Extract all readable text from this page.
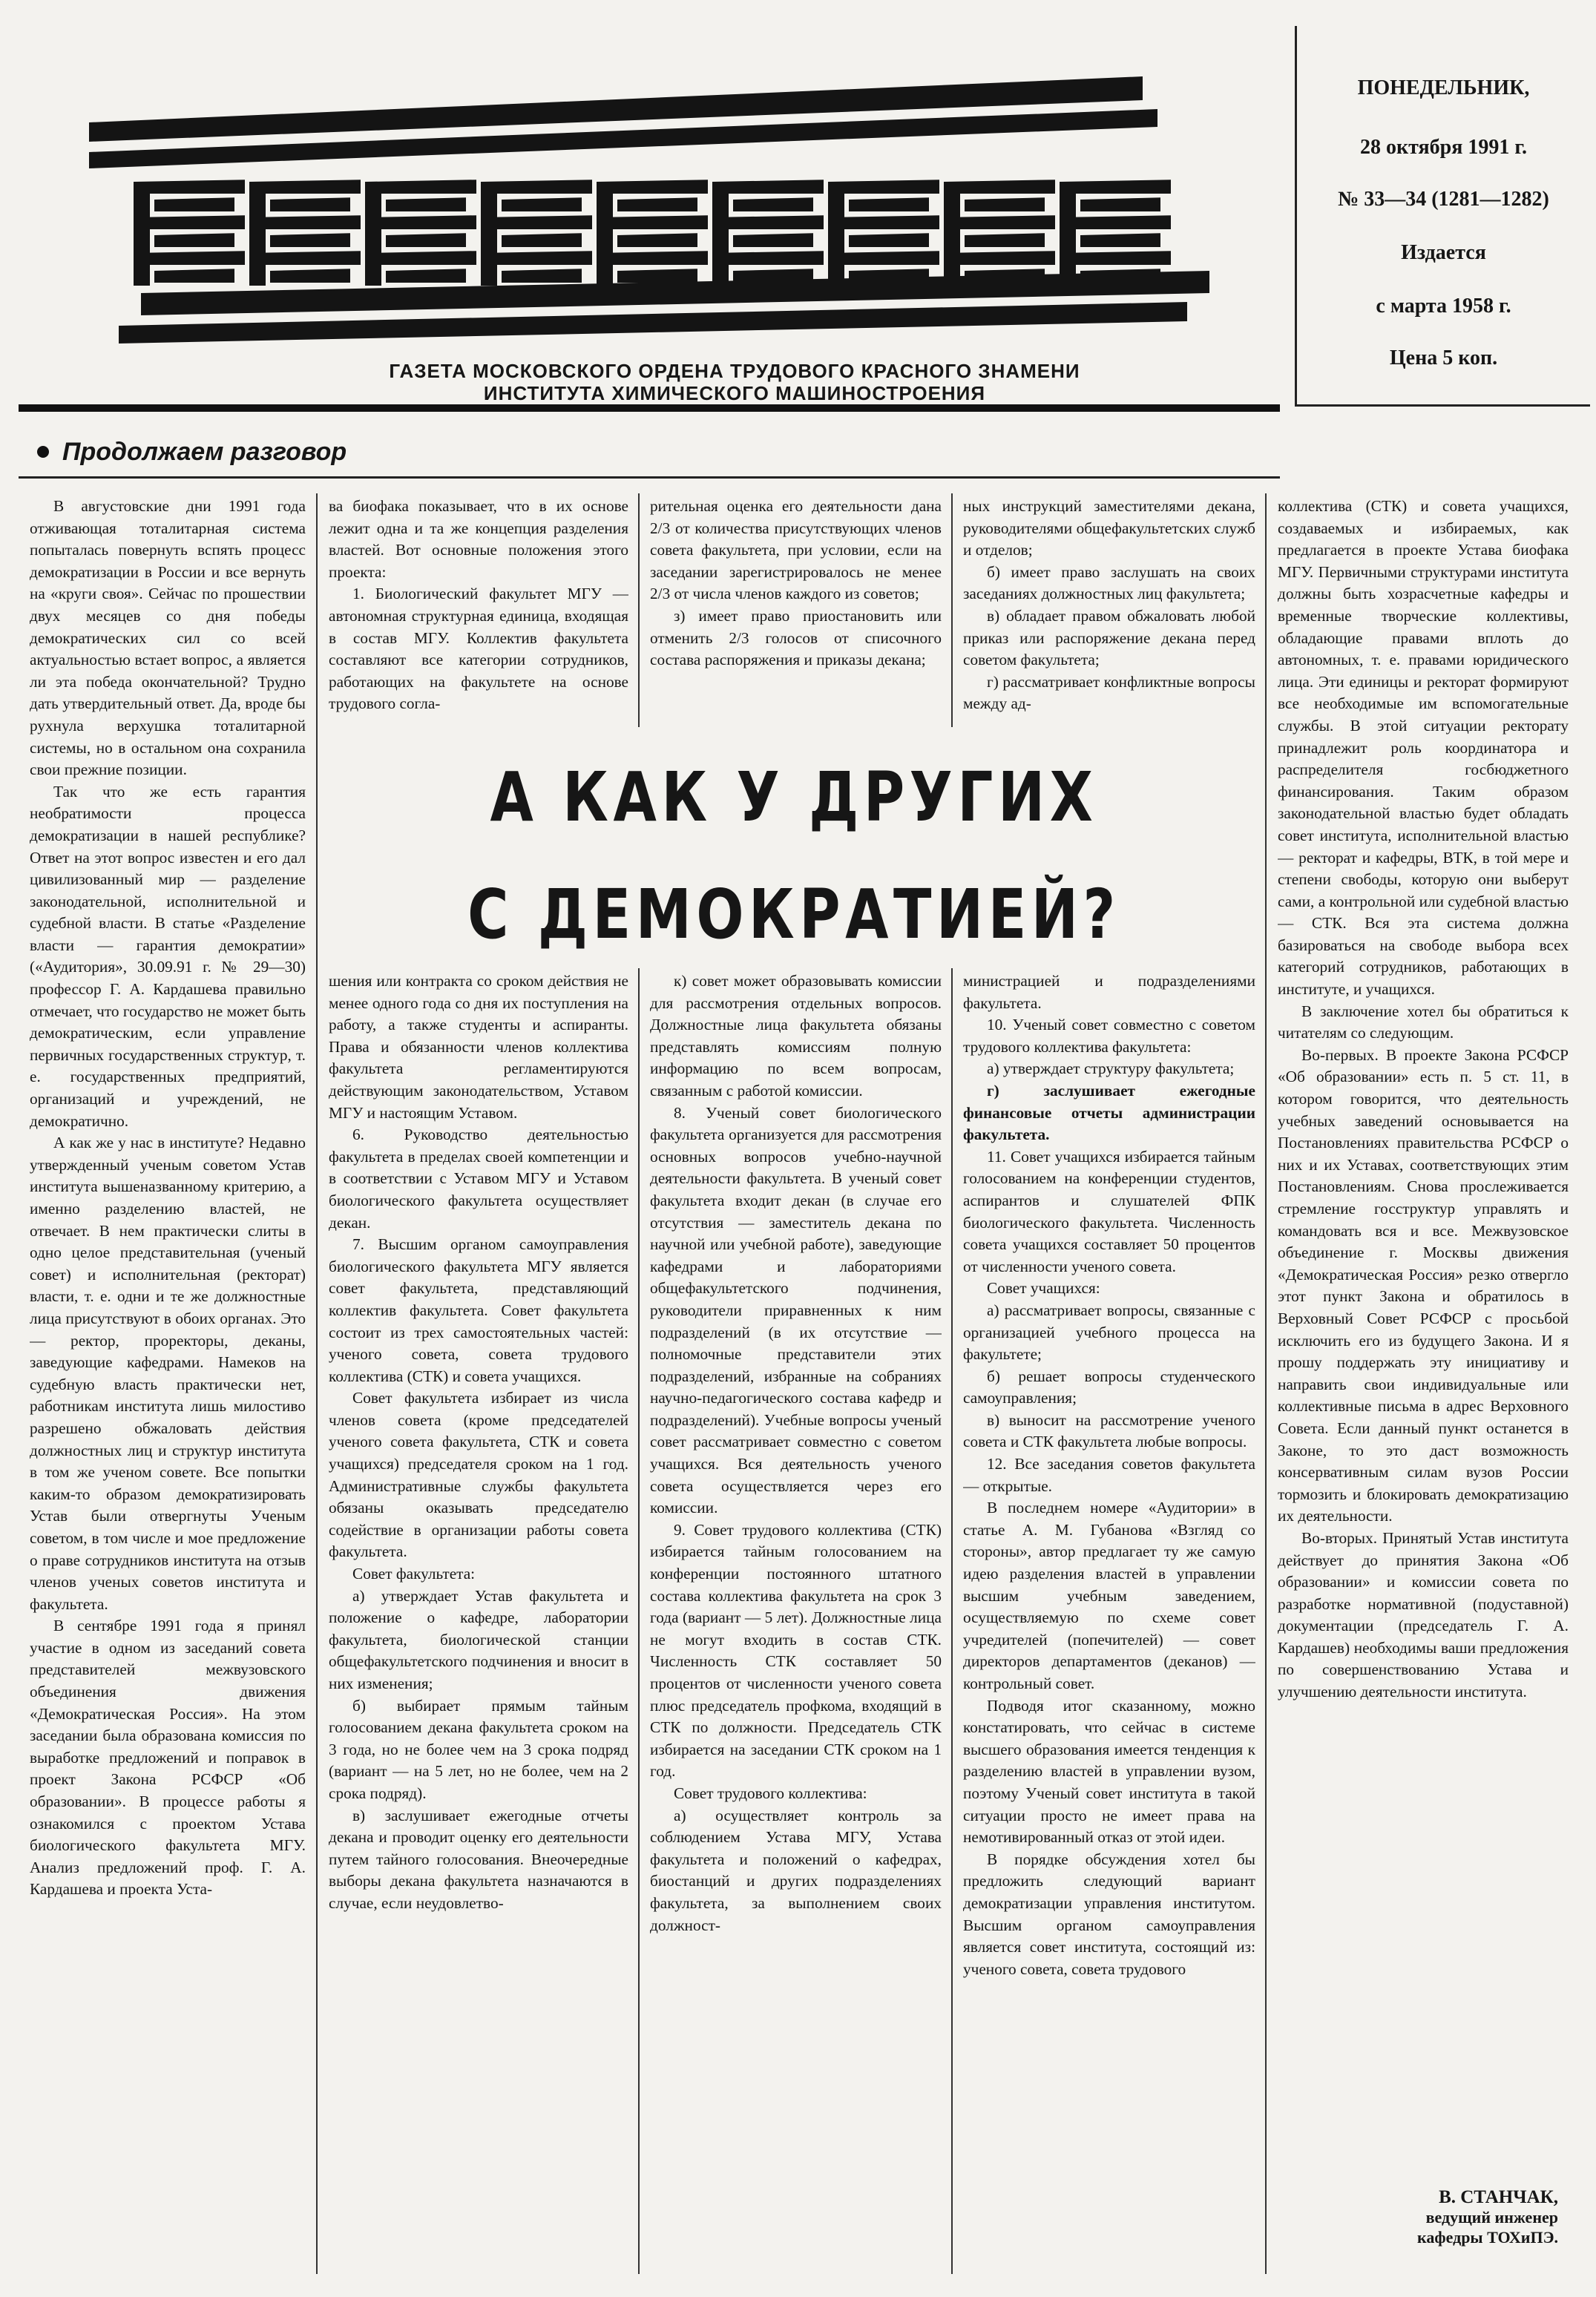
ГАЗЕТА МОСКОВСКОГО ОРДЕНА ТРУДОВОГО КРАСНОГО ЗНАМЕНИ
ИНСТИТУТА ХИМИЧЕСКОГО МАШИНОСТРОЕНИЯ
ПОНЕДЕЛЬНИК,
28 октября 1991 г.
№ 33—34 (1281—1282)
Издается
с марта 1958 г.
Цена 5 коп.
Продолжаем разговор

В августовские дни 1991 года отживающая тоталитарная система попыталась повернуть вспять процесс демократизации в России и все вернуть на «круги своя». Сейчас по прошествии двух месяцев со дня победы демократических сил со всей актуальностью встает вопрос, а является ли эта победа окончательной? Трудно дать утвердительный ответ. Да, вроде бы рухнула верхушка тоталитарной системы, но в остальном она сохранила свои прежние позиции.

Так что же есть гарантия необратимости процесса демократизации в нашей республике? Ответ на этот вопрос известен и его дал цивилизованный мир — разделение законодательной, исполнительной и судебной власти. В статье «Разделение власти — гарантия демократии» («Аудитория», 30.09.91 г. № 29—30) профессор Г. А. Кардашева правильно отмечает, что государство не может быть демократическим, если управление первичных государственных структур, т. е. государственных предприятий, организаций и учреждений, не демократично.

А как же у нас в институте? Недавно утвержденный ученым советом Устав института вышеназванному критерию, а именно разделению властей, не отвечает. В нем практически слиты в одно целое представительная (ученый совет) и исполнительная (ректорат) власти, т. е. одни и те же должностные лица присутствуют в обоих органах. Это — ректор, проректоры, деканы, заведующие кафедрами. Намеков на судебную власть практически нет, работникам института лишь милостиво разрешено обжаловать действия должностных лиц и структур института в том же ученом совете. Все попытки каким-то образом демократизировать Устав были отвергнуты Ученым советом, в том числе и мое предложение о праве сотрудников института на отзыв членов ученых советов института и факультета.

В сентябре 1991 года я принял участие в одном из заседаний совета представителей межвузовского объединения движения «Демократическая Россия». На этом заседании была образована комиссия по выработке предложений и поправок в проект Закона РСФСР «Об образовании». В процессе работы я ознакомился с проектом Устава биологического факультета МГУ. Анализ предложений проф. Г. А. Кардашева и проекта Уста-

ва биофака показывает, что в их основе лежит одна и та же концепция разделения властей. Вот основные положения этого проекта:

1. Биологический факультет МГУ — автономная структурная единица, входящая в состав МГУ. Коллектив факультета составляют все категории сотрудников, работающих на факультете на основе трудового согла-

рительная оценка его деятельности дана 2/3 от количества присутствующих членов совета факультета, при условии, если на заседании зарегистрировалось не менее 2/3 от числа членов каждого из советов;

з) имеет право приостановить или отменить 2/3 голосов от списочного состава распоряжения и приказы декана;

ных инструкций заместителями декана, руководителями общефакультетских служб и отделов;

б) имеет право заслушать на своих заседаниях должностных лиц факультета;

в) обладает правом обжаловать любой приказ или распоряжение декана перед советом факультета;

г) рассматривает конфликтные вопросы между ад-

А КАК У ДРУГИХ
С ДЕМОКРАТИЕЙ?

шения или контракта со сроком действия не менее одного года со дня их поступления на работу, а также студенты и аспиранты. Права и обязанности членов коллектива факультета регламентируются действующим законодательством, Уставом МГУ и настоящим Уставом.

6. Руководство деятельностью факультета в пределах своей компетенции и в соответствии с Уставом МГУ и Уставом биологического факультета осуществляет декан.

7. Высшим органом самоуправления биологического факультета МГУ является совет факультета, представляющий коллектив факультета. Совет факультета состоит из трех самостоятельных частей: ученого совета, совета трудового коллектива (СТК) и совета учащихся.

Совет факультета избирает из числа членов совета (кроме председателей ученого совета факультета, СТК и совета учащихся) председателя сроком на 1 год. Административные службы факультета обязаны оказывать председателю содействие в организации работы совета факультета.

Совет факультета:

а) утверждает Устав факультета и положение о кафедре, лаборатории факультета, биологической станции общефакультетского подчинения и вносит в них изменения;

б) выбирает прямым тайным голосованием декана факультета сроком на 3 года, но не более чем на 3 срока подряд (вариант — на 5 лет, но не более, чем на 2 срока подряд).

в) заслушивает ежегодные отчеты декана и проводит оценку его деятельности путем тайного голосования. Внеочередные выборы декана факультета назначаются в случае, если неудовлетво-

к) совет может образовывать комиссии для рассмотрения отдельных вопросов. Должностные лица факультета обязаны представлять комиссиям полную информацию по всем вопросам, связанным с работой комиссии.

8. Ученый совет биологического факультета организуется для рассмотрения основных вопросов учебно-научной деятельности факультета. В ученый совет факультета входит декан (в случае его отсутствия — заместитель декана по научной или учебной работе), заведующие кафедрами и лабораториями общефакультетского подчинения, руководители приравненных к ним подразделений (в их отсутствие — полномочные представители этих подразделений, избранные на собраниях научно-педагогического состава кафедр и подразделений). Учебные вопросы ученый совет рассматривает совместно с советом учащихся. Вся деятельность ученого совета осуществляется через его комиссии.

9. Совет трудового коллектива (СТК) избирается тайным голосованием на конференции постоянного штатного состава коллектива факультета на срок 3 года (вариант — 5 лет). Должностные лица не могут входить в состав СТК. Численность СТК составляет 50 процентов от численности ученого совета плюс председатель профкома, входящий в СТК по должности. Председатель СТК избирается на заседании СТК сроком на 1 год.

Совет трудового коллектива:

а) осуществляет контроль за соблюдением Устава МГУ, Устава факультета и положений о кафедрах, биостанций и других подразделениях факультета, за выполнением своих должност-

министрацией и подразделениями факультета.

10. Ученый совет совместно с советом трудового коллектива факультета:

а) утверждает структуру факультета;

г) заслушивает ежегодные финансовые отчеты администрации факультета.

11. Совет учащихся избирается тайным голосованием на конференции студентов, аспирантов и слушателей ФПК биологического факультета. Численность совета учащихся составляет 50 процентов от численности ученого совета.

Совет учащихся:

а) рассматривает вопросы, связанные с организацией учебного процесса на факультете;

б) решает вопросы студенческого самоуправления;

в) выносит на рассмотрение ученого совета и СТК факультета любые вопросы.

12. Все заседания советов факультета — открытые.

В последнем номере «Аудитории» в статье А. М. Губанова «Взгляд со стороны», автор предлагает ту же самую идею разделения властей в управлении высшим учебным заведением, осуществляемую по схеме совет учредителей (попечителей) — совет директоров департаментов (деканов) — контрольный совет.

Подводя итог сказанному, можно констатировать, что сейчас в системе высшего образования имеется тенденция к разделению властей в управлении вузом, поэтому Ученый совет института в такой ситуации просто не имеет права на немотивированный отказ от этой идеи.

В порядке обсуждения хотел бы предложить следующий вариант демократизации управления институтом. Высшим органом самоуправления является совет института, состоящий из: ученого совета, совета трудового

коллектива (СТК) и совета учащихся, создаваемых и избираемых, как предлагается в проекте Устава биофака МГУ. Первичными структурами института должны быть хозрасчетные кафедры и временные творческие коллективы, обладающие правами вплоть до автономных, т. е. правами юридического лица. Эти единицы и ректорат формируют все необходимые им вспомогательные службы. В этой ситуации ректорату принадлежит роль координатора и распределителя госбюджетного финансирования. Таким образом законодательной властью будет обладать совет института, исполнительной властью — ректорат и кафедры, ВТК, в той мере и степени свободы, которую они выберут сами, а контрольной или судебной властью — СТК. Вся эта система должна базироваться на свободе выбора всех категорий сотрудников, работающих в институте, и учащихся.

В заключение хотел бы обратиться к читателям со следующим.

Во-первых. В проекте Закона РСФСР «Об образовании» есть п. 5 ст. 11, в котором говорится, что деятельность учебных заведений основывается на Постановлениях правительства РСФСР о них и их Уставах, соответствующих этим Постановлениям. Снова прослеживается стремление госструктур управлять и командовать вся и все. Межвузовское объединение г. Москвы движения «Демократическая Россия» резко отвергло этот пункт Закона и обратилось в Верховный Совет РСФСР с просьбой исключить его из будущего Закона. И я прошу поддержать эту инициативу и направить свои индивидуальные или коллективные письма в адрес Верховного Совета. Если данный пункт останется в Законе, то это даст возможность консервативным силам вузов России тормозить и блокировать демократизацию их деятельности.

Во-вторых. Принятый Устав института действует до принятия Закона «Об образовании» и комиссии совета по разработке нормативной (подуставной) документации (председатель Г. А. Кардашев) необходимы ваши предложения по совершенствованию Устава и улучшению деятельности института.

В. СТАНЧАК,
ведущий инженер
кафедры ТОХиПЭ.
